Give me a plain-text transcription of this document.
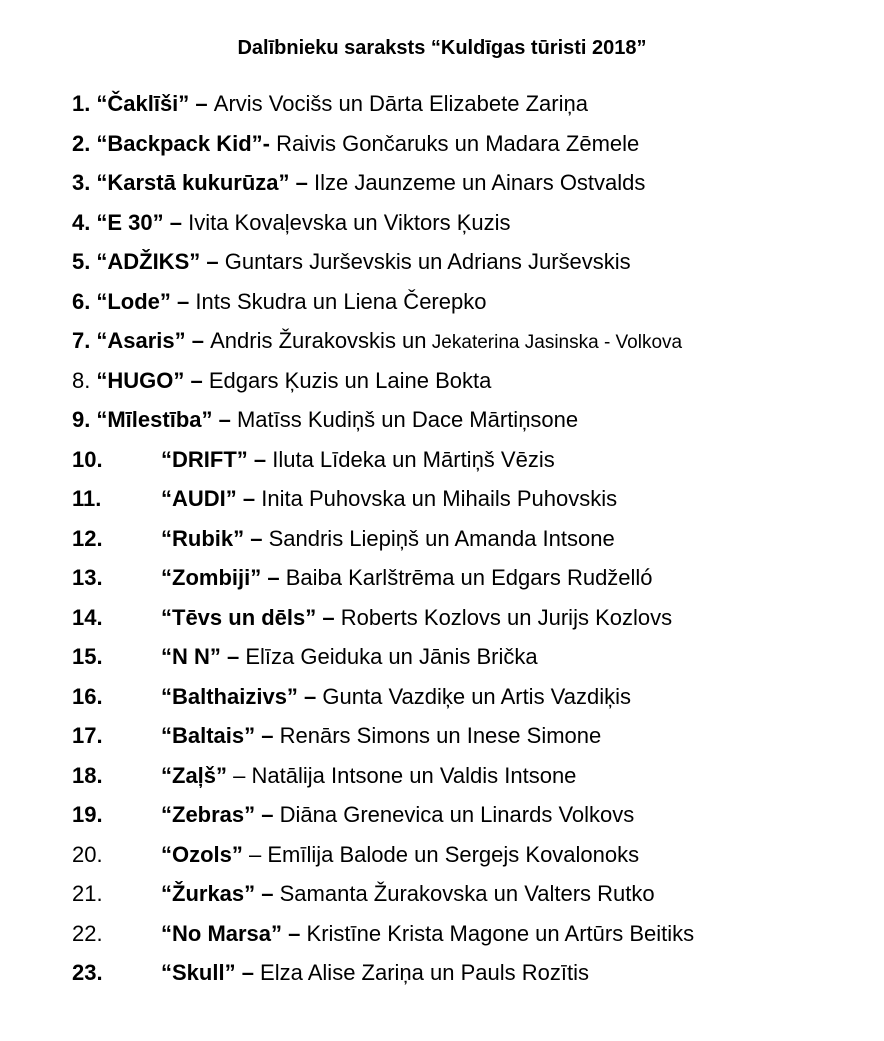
Dalībnieku saraksts “Kuldīgas tūristi 2018”
1. “Čaklīši” – Arvis Vocišs un Dārta Elizabete Zariņa
2. “Backpack Kid”- Raivis Gončaruks un Madara Zēmele
3. “Karstā kukurūza” – Ilze Jaunzeme un Ainars Ostvalds
4. “E 30” – Ivita Kovaļevska un Viktors Ķuzis
5. “ADŽIKS” – Guntars Jurševskis un Adrians Jurševskis
6. “Lode” – Ints Skudra un Liena Čerepko
7. “Asaris” – Andris Žurakovskis un Jekaterina Jasinska - Volkova
8. “HUGO” – Edgars Ķuzis un Laine Bokta
9. “Mīlestība” – Matīss Kudiņš un Dace Mārtiņsone
10.	“DRIFT” – Iluta Līdeka un Mārtiņš Vēzis
11.	“AUDI” – Inita Puhovska un Mihails Puhovskis
12.	“Rubik” – Sandris Liepiņš un Amanda Intsone
13.	“Zombiji” – Baiba Karlštrēma un Edgars Rudželló
14.	“Tēvs un dēls” – Roberts Kozlovs un Jurijs Kozlovs
15.	“N N” – Elīza Geiduka un Jānis Bričkа
16.	“Balthaizivs” – Gunta Vazdiķe un Artis Vazdiķis
17.	“Baltais” – Renārs Simons un Inese Simone
18.	“Zaļš” – Natālija Intsone un Valdis Intsone
19.	“Zebras” – Diāna Grenevica un Linards Volkovs
20.	“Ozols” – Emīlija Balode un Sergejs Kovalonoks
21.	“Žurkas” – Samanta Žurakovska un Valters Rutko
22.	“No Marsa” – Kristīne Krista Magone un Artūrs Beitiks
23.	“Skull” – Elza Alise Zariņa un Pauls Rozītis
